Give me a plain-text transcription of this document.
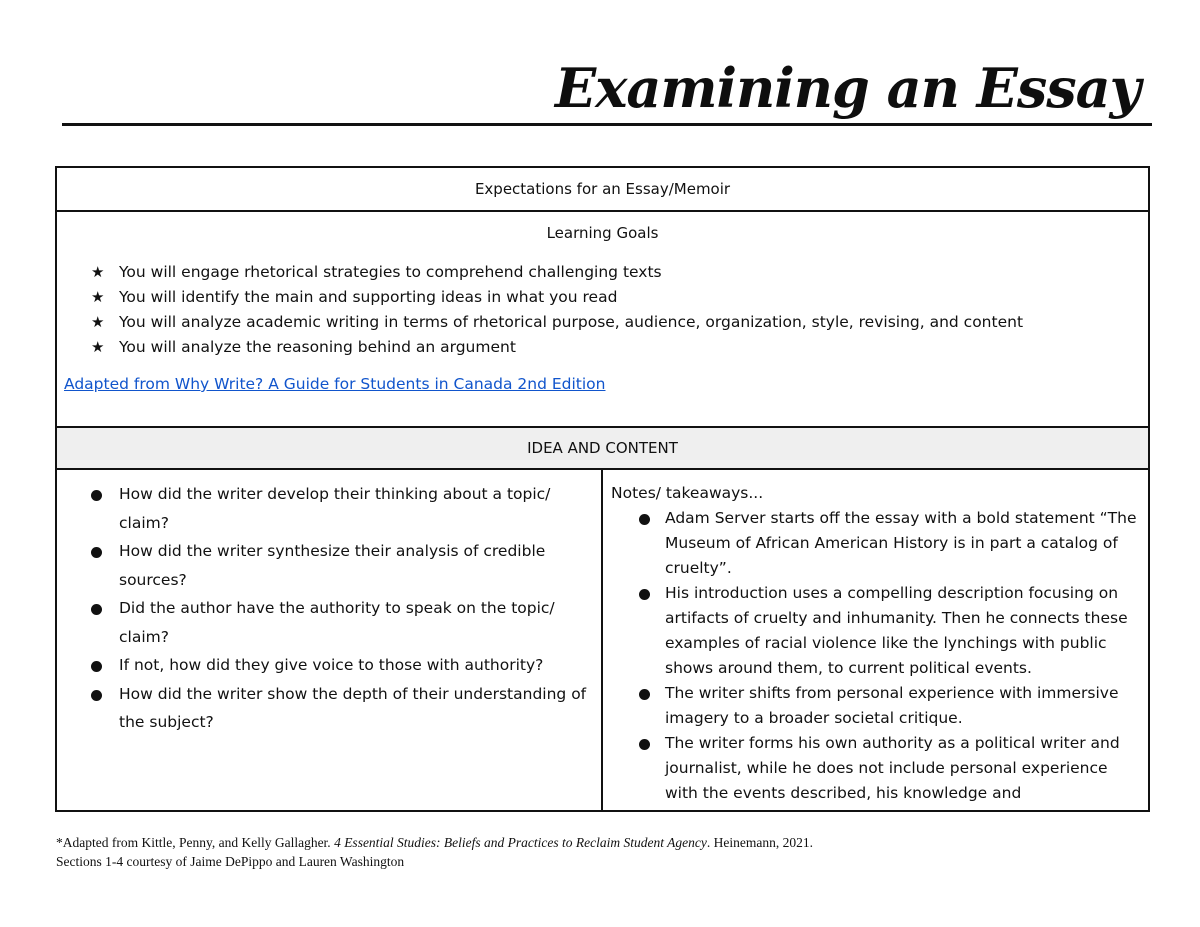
Examining an Essay
Expectations for an Essay/Memoir

Learning Goals
★ You will engage rhetorical strategies to comprehend challenging texts
★ You will identify the main and supporting ideas in what you read
★ You will analyze academic writing in terms of rhetorical purpose, audience, organization, style, revising, and content
★ You will analyze the reasoning behind an argument
Adapted from Why Write? A Guide for Students in Canada 2nd Edition
IDEA AND CONTENT

How did the writer develop their thinking about a topic/ claim?
How did the writer synthesize their analysis of credible sources?
Did the author have the authority to speak on the topic/ claim?
If not, how did they give voice to those with authority?
How did the writer show the depth of their understanding of the subject?

Notes/ takeaways...
Adam Server starts off the essay with a bold statement “The Museum of African American History is in part a catalog of cruelty”.
His introduction uses a compelling description focusing on artifacts of cruelty and inhumanity. Then he connects these examples of racial violence like the lynchings with public shows around them, to current political events.
The writer shifts from personal experience with immersive imagery to a broader societal critique.
The writer forms his own authority as a political writer and journalist, while he does not include personal experience with the events described, his knowledge and
*Adapted from Kittle, Penny, and Kelly Gallagher. 4 Essential Studies: Beliefs and Practices to Reclaim Student Agency. Heinemann, 2021.
Sections 1-4 courtesy of Jaime DePippo and Lauren Washington
